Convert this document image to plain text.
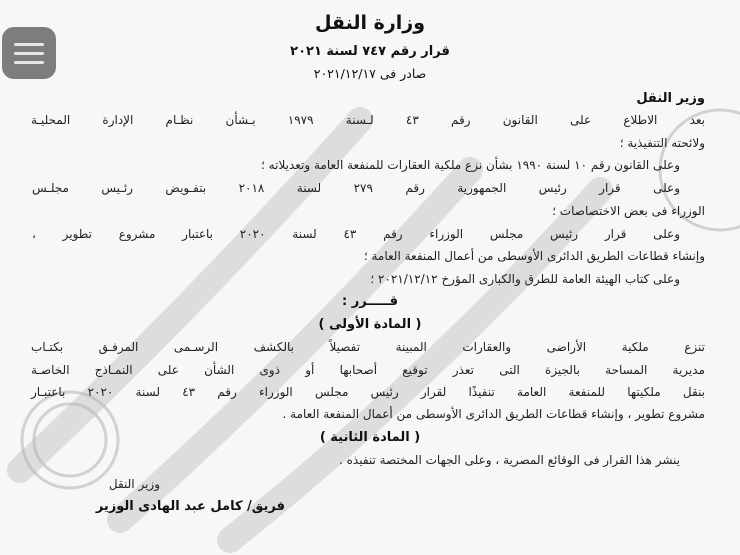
وزارة النقل
قرار رقم ٧٤٧ لسنة ٢٠٢١
صادر فى ٢٠٢١/١٢/١٧
وزير النقل
بعد الاطلاع على القانون رقم ٤٣ لـسنة ١٩٧٩ بـشأن نظـام الإدارة المحليـة
ولائحته التنفيذية ؛
وعلى القانون رقم ١٠ لسنة ١٩٩٠ بشأن نزع ملكية العقارات للمنفعة العامة وتعديلاته ؛
وعلى قرار رئيس الجمهورية رقم ٢٧٩ لسنة ٢٠١٨ بتفـويض رئـيس مجلـس
الوزراء فى بعض الاختصاصات ؛
وعلى قرار رئيس مجلس الوزراء رقم ٤٣ لسنة ٢٠٢٠ باعتبار مشروع تطوير ،
وإنشاء قطاعات الطريق الدائرى الأوسطى من أعمال المنفعة العامة ؛
وعلى كتاب الهيئة العامة للطرق والكبارى المؤرخ ٢٠٢١/١٢/١٢ ؛
قـــــرر :
( المادة الأولى )
تنزع ملكية الأراضى والعقارات المبينة تفصيلاً بالكشف الرسـمى المرفـق بكتـاب
مديرية المساحة بالجيزة التى تعذر توقيع أصحابها أو ذوى الشأن على النمـاذج الخاصـة
بنقل ملكيتها للمنفعة العامة تنفيذًا لقرار رئيس مجلس الوزراء رقم ٤٣ لسنة ٢٠٢٠ باعتبـار
مشروع تطوير ، وإنشاء قطاعات الطريق الدائرى الأوسطى من أعمال المنفعة العامة .
( المادة الثانية )
ينشر هذا القرار فى الوقائع المصرية ، وعلى الجهات المختصة تنفيذه .
وزير النقل
فريق/ كامل عبد الهادى الوزير
